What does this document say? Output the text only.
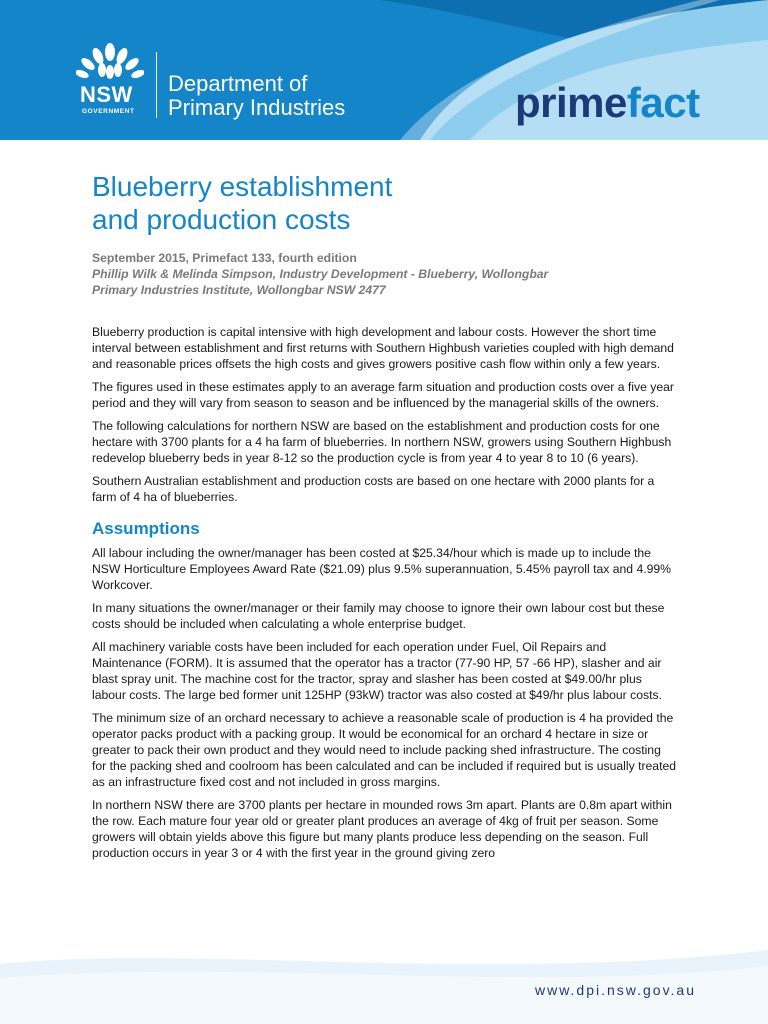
NSW
GOVERNMENT
Department of
Primary Industries	primefact
Blueberry establishment
and production costs
September 2015, Primefact 133, fourth edition
Phillip Wilk & Melinda Simpson, Industry Development - Blueberry, Wollongbar
Primary Industries Institute, Wollongbar NSW 2477

Blueberry production is capital intensive with high development and labour costs. However the short time interval between establishment and first returns with Southern Highbush varieties coupled with high demand and reasonable prices offsets the high costs and gives growers positive cash flow within only a few years.

The figures used in these estimates apply to an average farm situation and production costs over a five year period and they will vary from season to season and be influenced by the managerial skills of the owners.

The following calculations for northern NSW are based on the establishment and production costs for one hectare with 3700 plants for a 4 ha farm of blueberries. In northern NSW, growers using Southern Highbush redevelop blueberry beds in year 8-12 so the production cycle is from year 4 to year 8 to 10 (6 years).

Southern Australian establishment and production costs are based on one hectare with 2000 plants for a farm of 4 ha of blueberries.

Assumptions

All labour including the owner/manager has been costed at $25.34/hour which is made up to include the NSW Horticulture Employees Award Rate ($21.09) plus 9.5% superannuation, 5.45% payroll tax and 4.99% Workcover.

In many situations the owner/manager or their family may choose to ignore their own labour cost but these costs should be included when calculating a whole enterprise budget.

All machinery variable costs have been included for each operation under Fuel, Oil Repairs and Maintenance (FORM). It is assumed that the operator has a tractor (77-90 HP, 57 -66 HP), slasher and air blast spray unit. The machine cost for the tractor, spray and slasher has been costed at $49.00/hr plus labour costs. The large bed former unit 125HP (93kW) tractor was also costed at $49/hr plus labour costs.

The minimum size of an orchard necessary to achieve a reasonable scale of production is 4 ha provided the operator packs product with a packing group. It would be economical for an orchard 4 hectare in size or greater to pack their own product and they would need to include packing shed infrastructure. The costing for the packing shed and coolroom has been calculated and can be included if required but is usually treated as an infrastructure fixed cost and not included in gross margins.

In northern NSW there are 3700 plants per hectare in mounded rows 3m apart. Plants are 0.8m apart within the row. Each mature four year old or greater plant produces an average of 4kg of fruit per season. Some growers will obtain yields above this figure but many plants produce less depending on the season. Full production occurs in year 3 or 4 with the first year in the ground giving zero

www.dpi.nsw.gov.au
